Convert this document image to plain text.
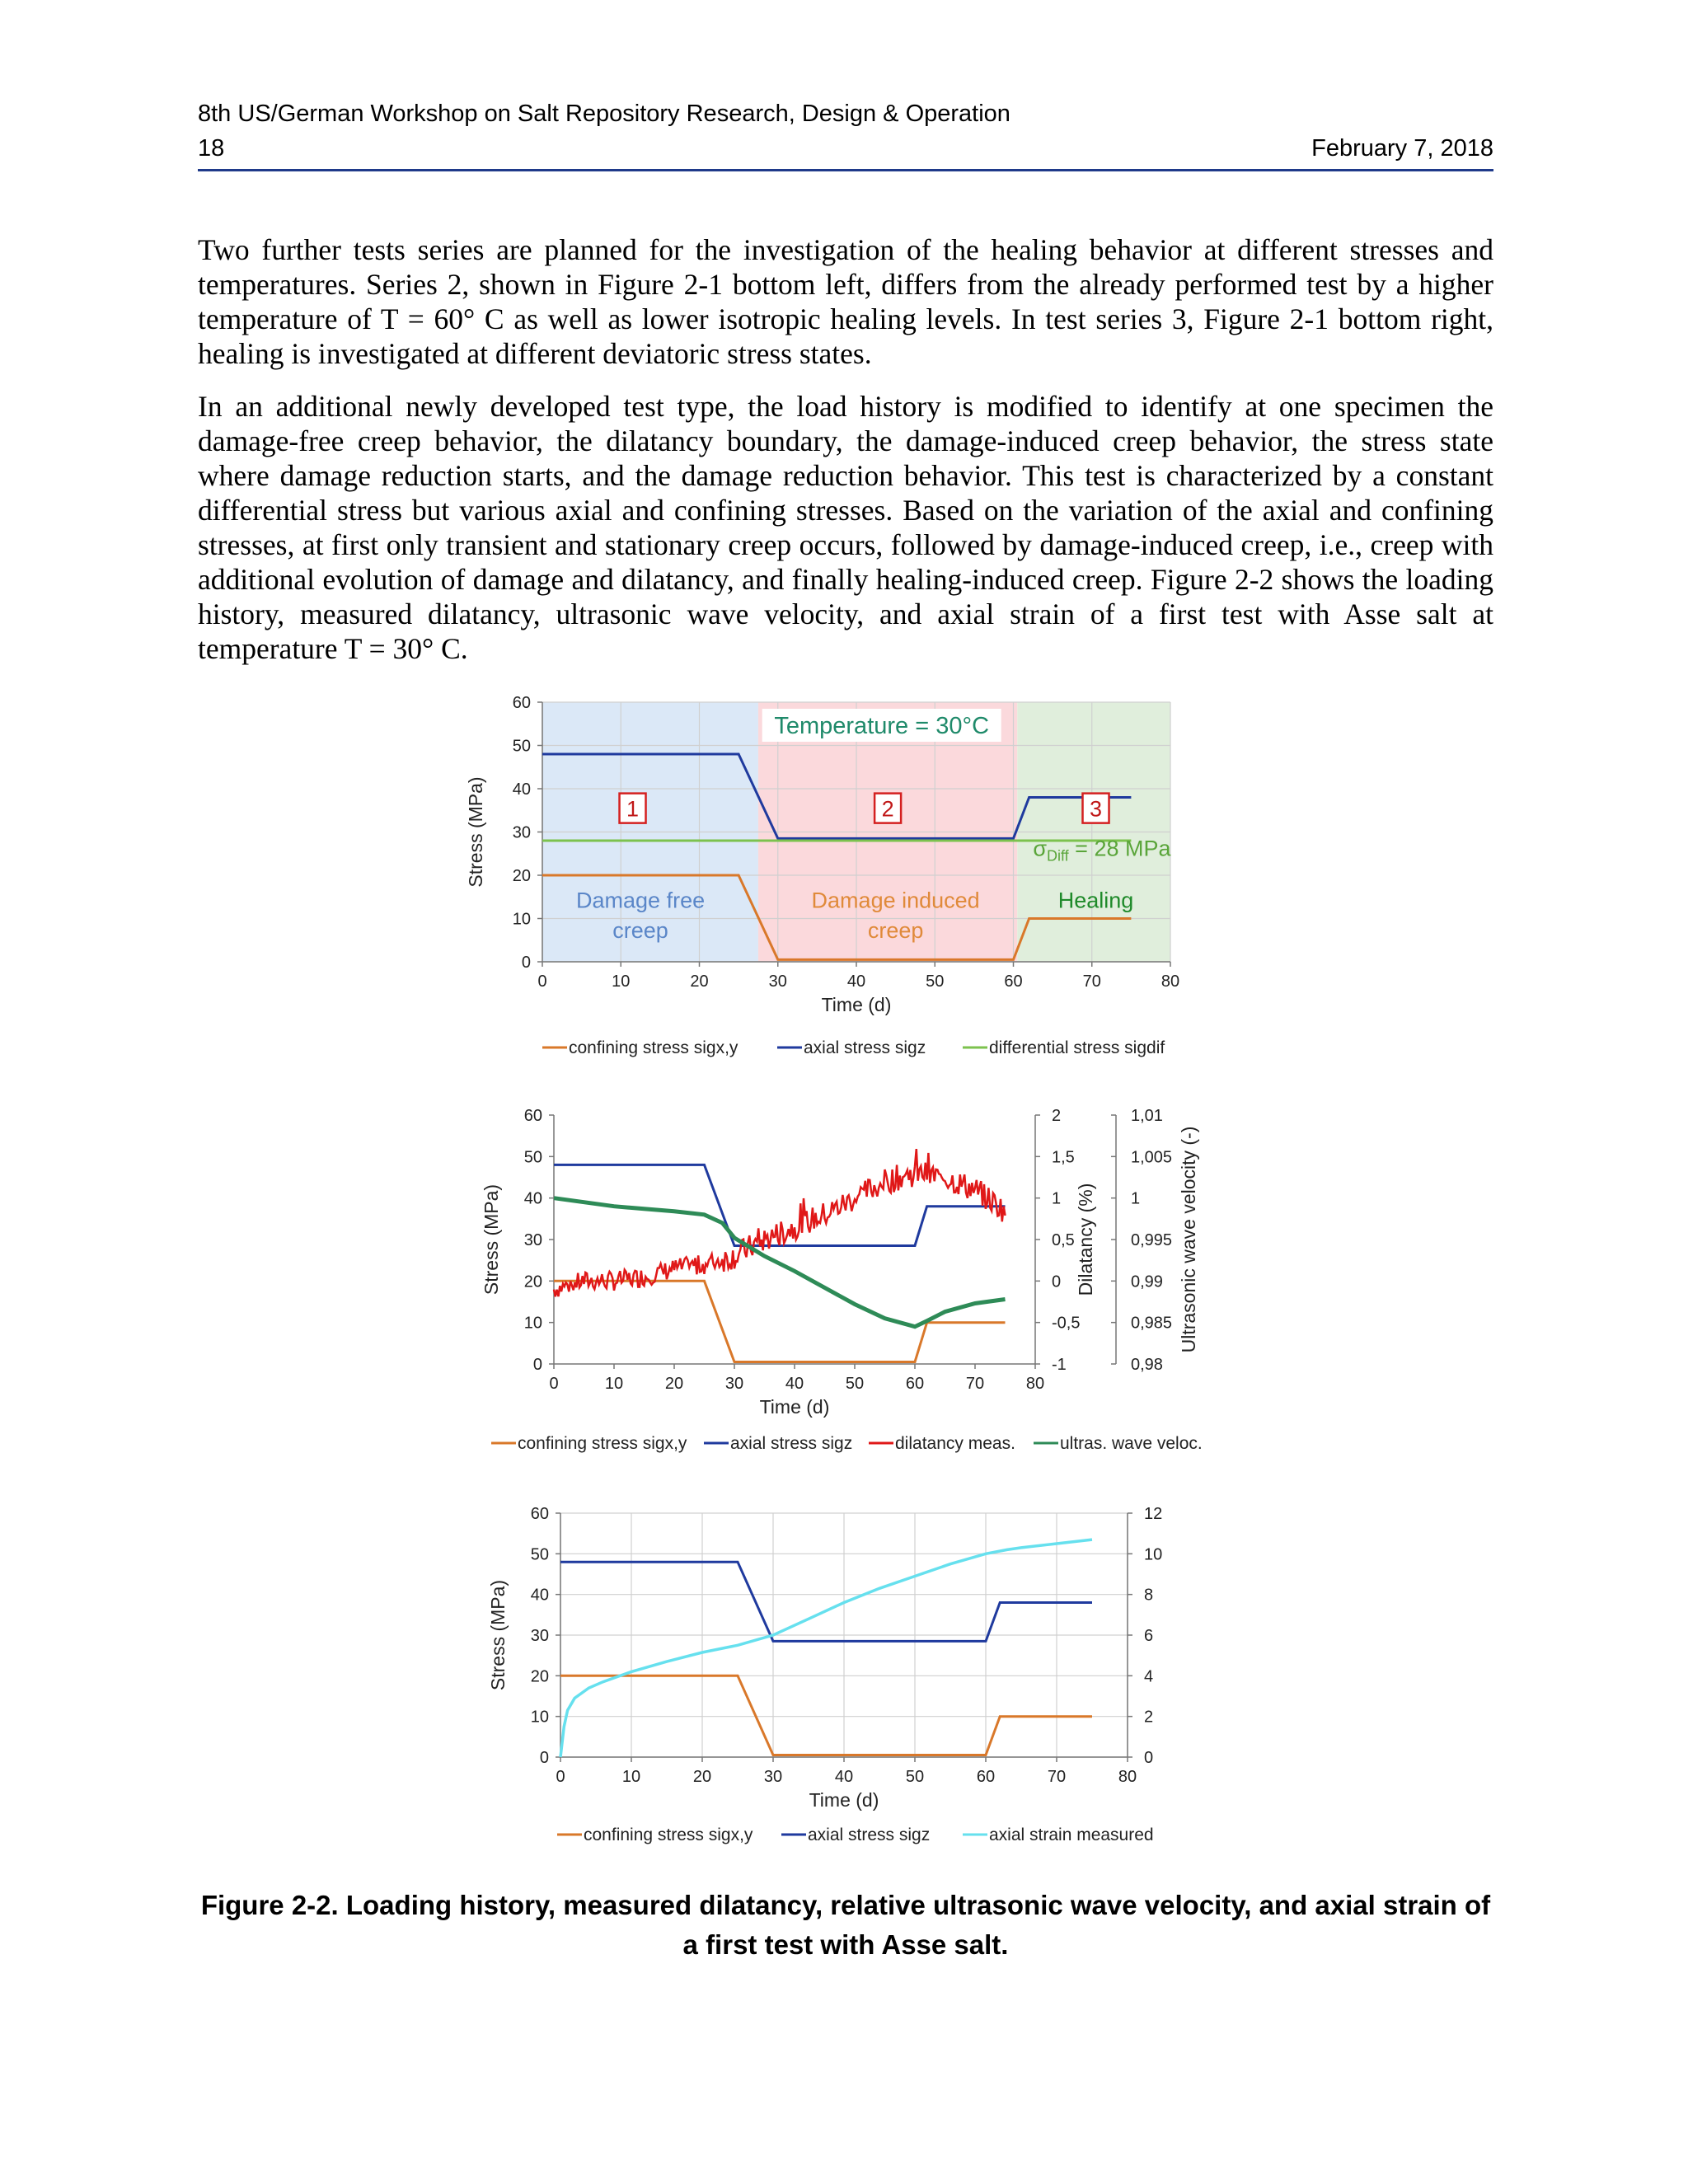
8th US/German Workshop on Salt Repository Research, Design & Operation
18	February 7, 2018

Two further tests series are planned for the investigation of the healing behavior at different stresses and temperatures. Series 2, shown in Figure 2-1 bottom left, differs from the already performed test by a higher temperature of T = 60° C as well as lower isotropic healing levels. In test series 3, Figure 2-1 bottom right, healing is investigated at different deviatoric stress states.

In an additional newly developed test type, the load history is modified to identify at one specimen the damage-free creep behavior, the dilatancy boundary, the damage-induced creep behavior, the stress state where damage reduction starts, and the damage reduction behavior. This test is characterized by a constant differential stress but various axial and confining stresses. Based on the variation of the axial and confining stresses, at first only transient and stationary creep occurs, followed by damage-induced creep, i.e., creep with additional evolution of damage and dilatancy, and finally healing-induced creep. Figure 2-2 shows the loading history, measured dilatancy, ultrasonic wave velocity, and axial strain of a first test with Asse salt at temperature T = 30° C.

0	10	20	30	40	50	60	70	80
0
10
20
30
40
50
60
Time (d)
Stress (MPa)
Temperature = 30°C
1	2	3
Damage free
creep
Damage induced
creep
Healing
$\sigma_{Diff} = 28$ MPa
confining stress sigx,y	axial stress sigz	differential stress sigdif
0	10	20	30	40	50	60	70	80
0
10
20
30
40
50
60
Time (d)
Stress (MPa)
-1
-0,5
0
0,5
1
1,5
2
Dilatancy (%)
0,98
0,985
0,99
0,995
1
1,005
1,01
Ultrasonic wave velocity (-)
confining stress sigx,y	axial stress sigz dilatancy meas.	ultras. wave veloc.
0	10	20	30	40	50	60	70	80
0
10
20
30
40
50
60
Time (d)
Stress (MPa)
0
2
4
6
8
10
12
confining stress sigx,y	axial stress sigz	axial strain measured
Figure 2-2. Loading history, measured dilatancy, relative ultrasonic wave velocity, and axial strain of a first test with Asse salt.
